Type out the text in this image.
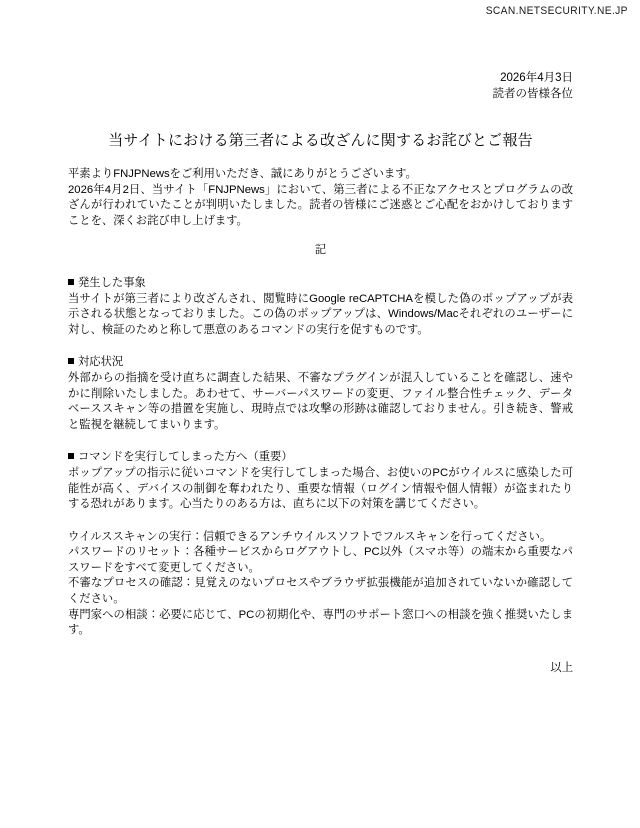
SCAN.NETSECURITY.NE.JP
2026年4月3日
読者の皆様各位
当サイトにおける第三者による改ざんに関するお詫びとご報告
平素よりFNJPNewsをご利用いただき、誠にありがとうございます。
2026年4月2日、当サイト「FNJPNews」において、第三者による不正なアクセスとプログラムの改ざんが行われていたことが判明いたしました。読者の皆様にご迷惑とご心配をおかけしておりますことを、深くお詫び申し上げます。
記
発生した事象
当サイトが第三者により改ざんされ、閲覧時にGoogle reCAPTCHAを模した偽のポップアップが表示される状態となっておりました。この偽のポップアップは、Windows/Macそれぞれのユーザーに対し、検証のためと称して悪意のあるコマンドの実行を促すものです。
対応状況
外部からの指摘を受け直ちに調査した結果、不審なプラグインが混入していることを確認し、速やかに削除いたしました。あわせて、サーバーパスワードの変更、ファイル整合性チェック、データベーススキャン等の措置を実施し、現時点では攻撃の形跡は確認しておりません。引き続き、警戒と監視を継続してまいります。
コマンドを実行してしまった方へ（重要）
ポップアップの指示に従いコマンドを実行してしまった場合、お使いのPCがウイルスに感染した可能性が高く、デバイスの制御を奪われたり、重要な情報（ログイン情報や個人情報）が盗まれたりする恐れがあります。心当たりのある方は、直ちに以下の対策を講じてください。
ウイルススキャンの実行：信頼できるアンチウイルスソフトでフルスキャンを行ってください。
パスワードのリセット：各種サービスからログアウトし、PC以外（スマホ等）の端末から重要なパスワードをすべて変更してください。
不審なプロセスの確認：見覚えのないプロセスやブラウザ拡張機能が追加されていないか確認してください。
専門家への相談：必要に応じて、PCの初期化や、専門のサポート窓口への相談を強く推奨いたします。
以上
